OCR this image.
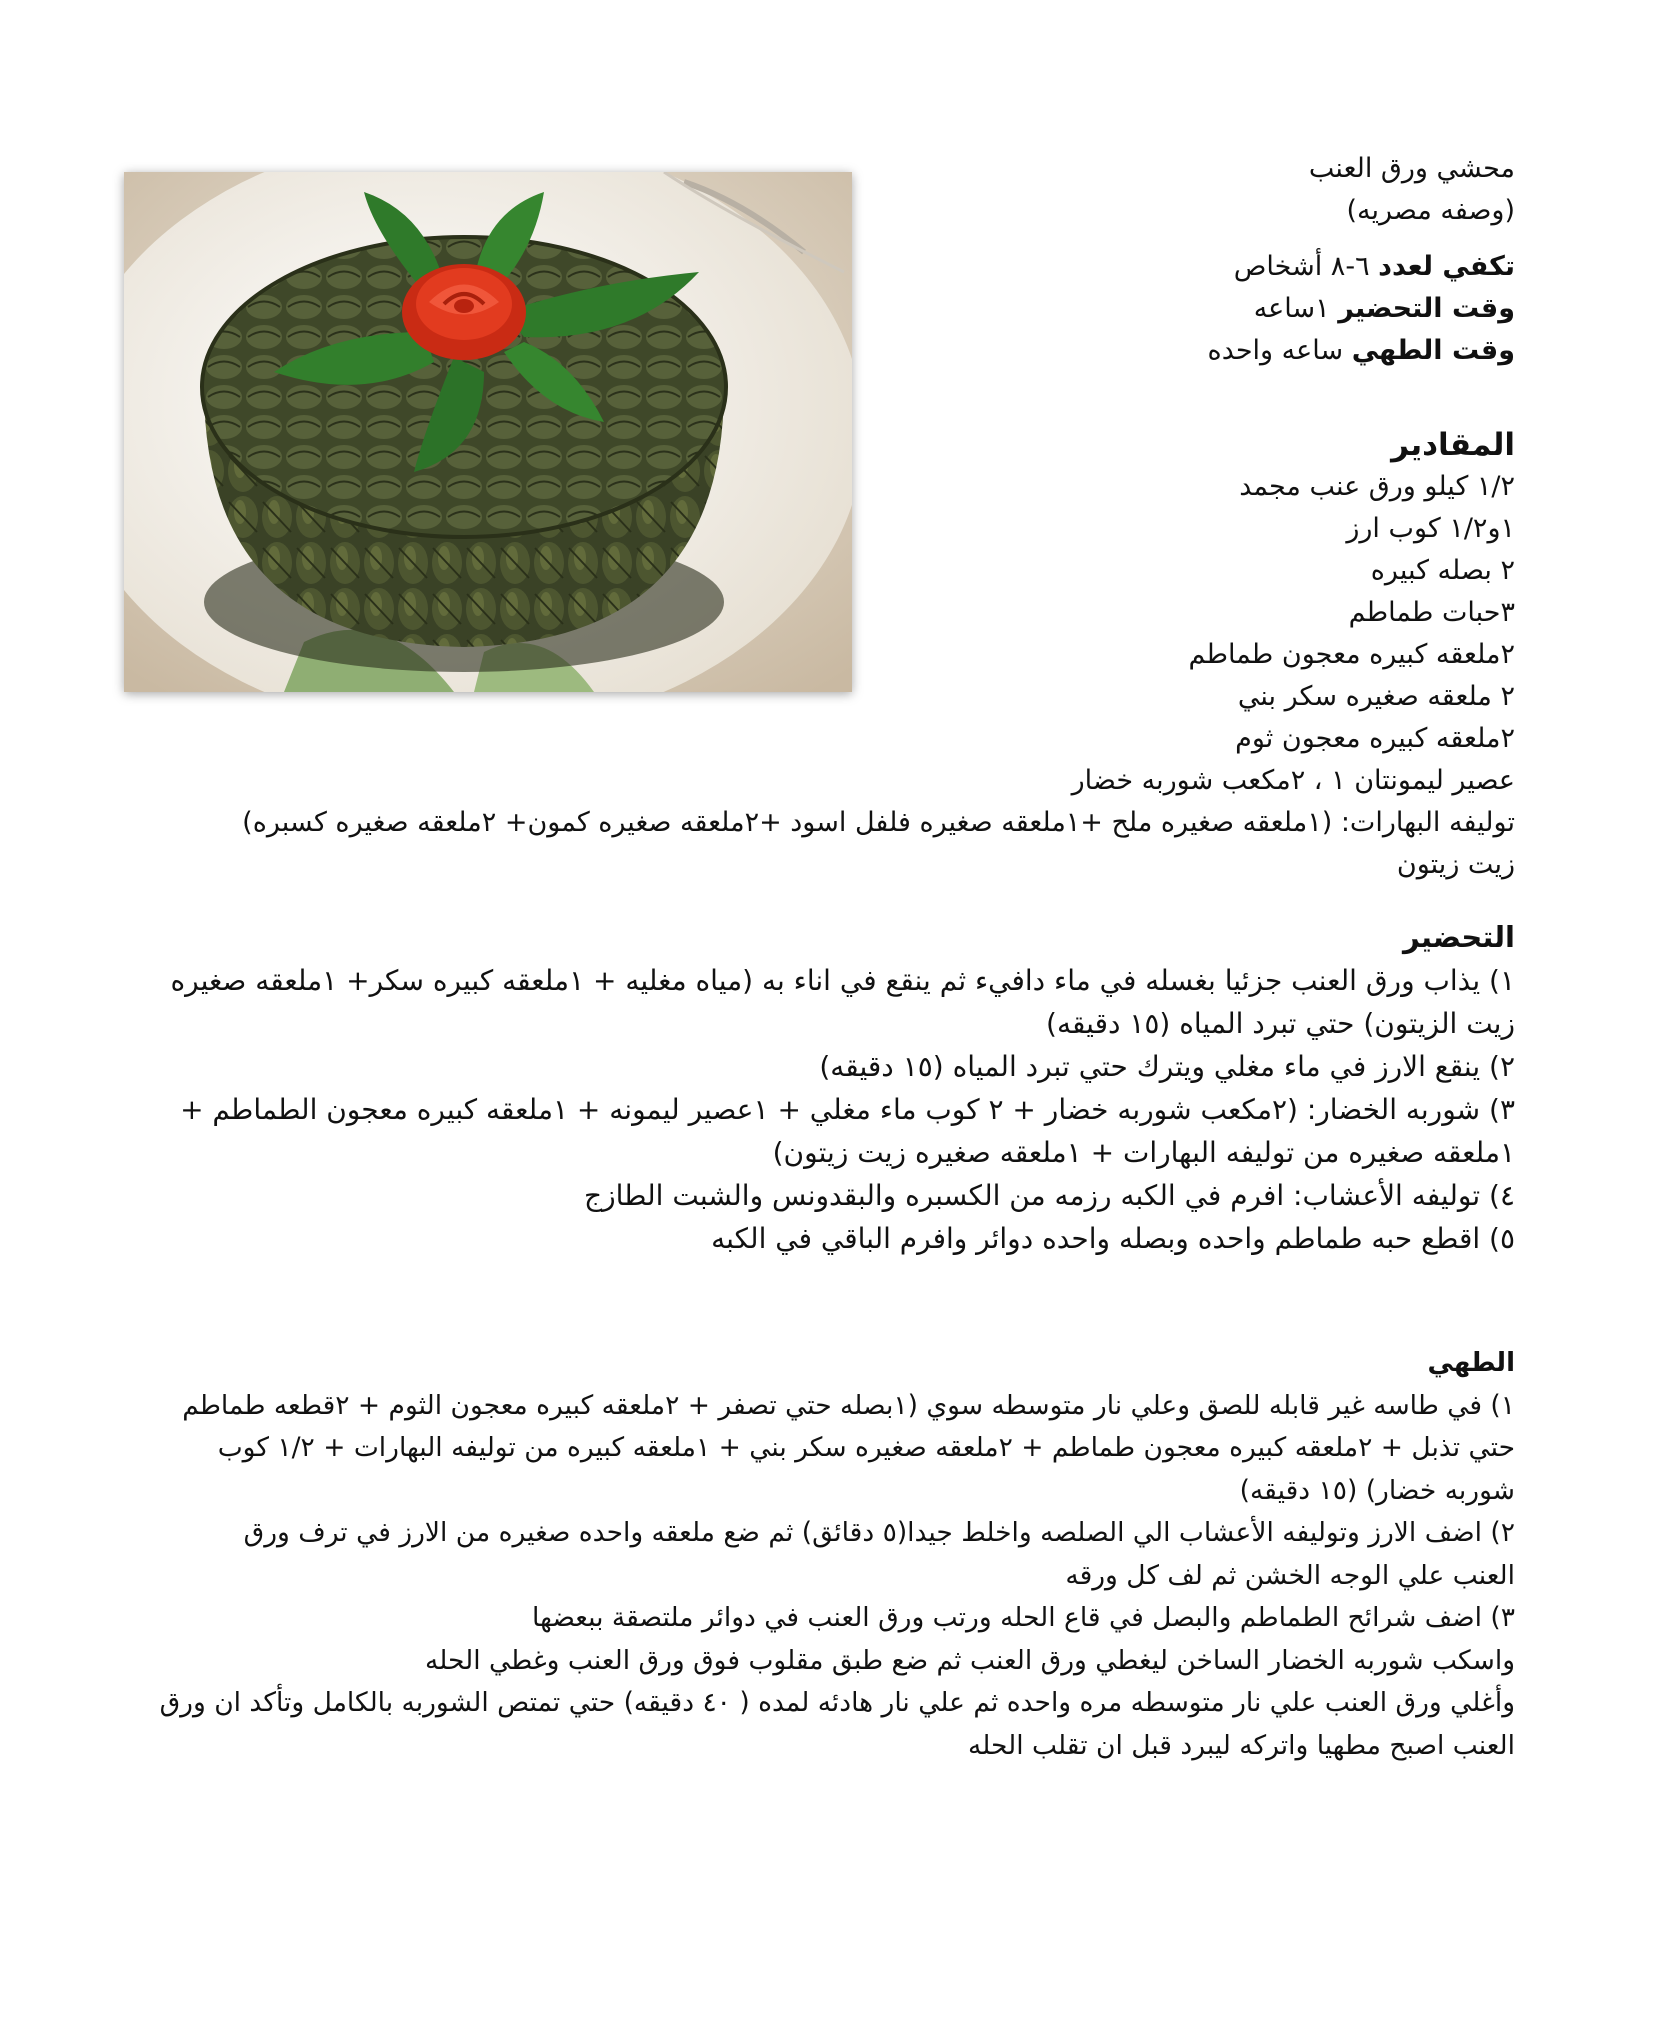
محشي ورق العنب
(وصفه مصريه)
تكفي لعدد ٦-٨ أشخاص
وقت التحضير ١ساعه
وقت الطهي ساعه واحده
المقادير
١/٢ كيلو ورق عنب مجمد
١و١/٢ كوب ارز
٢ بصله كبيره
٣حبات طماطم
٢ملعقه كبيره معجون طماطم
٢ ملعقه صغيره سكر بني
٢ملعقه كبيره معجون ثوم
عصير ليمونتان ١ ، ٢مكعب شوربه خضار
توليفه البهارات: (١ملعقه صغيره ملح +١ملعقه صغيره فلفل اسود +٢ملعقه صغيره كمون+ ٢ملعقه صغيره كسبره)
زيت زيتون
التحضير
١) يذاب ورق العنب جزئيا بغسله في ماء دافيء ثم ينقع في اناء به (مياه مغليه + ١ملعقه كبيره سكر+ ١ملعقه صغيره
زيت الزيتون) حتي تبرد المياه (١٥ دقيقه)
٢) ينقع الارز في ماء مغلي ويترك حتي تبرد المياه (١٥ دقيقه)
٣) شوربه الخضار: (٢مكعب شوربه خضار + ٢ كوب ماء مغلي + ١عصير ليمونه + ١ملعقه كبيره معجون الطماطم +
١ملعقه صغيره من توليفه البهارات + ١ملعقه صغيره زيت زيتون)
٤) توليفه الأعشاب: افرم في الكبه رزمه من الكسبره والبقدونس والشبت الطازج
٥) اقطع حبه طماطم واحده وبصله واحده دوائر وافرم الباقي في الكبه
الطهي
١) في طاسه غير قابله للصق وعلي نار متوسطه سوي (١بصله حتي تصفر + ٢ملعقه كبيره معجون الثوم + ٢قطعه طماطم
حتي تذبل + ٢ملعقه كبيره معجون طماطم + ٢ملعقه صغيره سكر بني + ١ملعقه كبيره من توليفه البهارات + ١/٢ كوب
شوربه خضار) (١٥ دقيقه)
٢) اضف الارز وتوليفه الأعشاب الي الصلصه واخلط جيدا(٥ دقائق) ثم ضع ملعقه واحده صغيره من الارز في ترف ورق
العنب علي الوجه الخشن ثم لف كل ورقه
٣) اضف شرائح الطماطم والبصل في قاع الحله ورتب ورق العنب في دوائر ملتصقة ببعضها
واسكب شوربه الخضار الساخن ليغطي ورق العنب ثم ضع طبق مقلوب فوق ورق العنب وغطي الحله
وأغلي ورق العنب علي نار متوسطه مره واحده ثم علي نار هادئه لمده ( ٤٠ دقيقه) حتي تمتص الشوربه بالكامل وتأكد ان ورق
العنب اصبح مطهيا واتركه ليبرد قبل ان تقلب الحله
